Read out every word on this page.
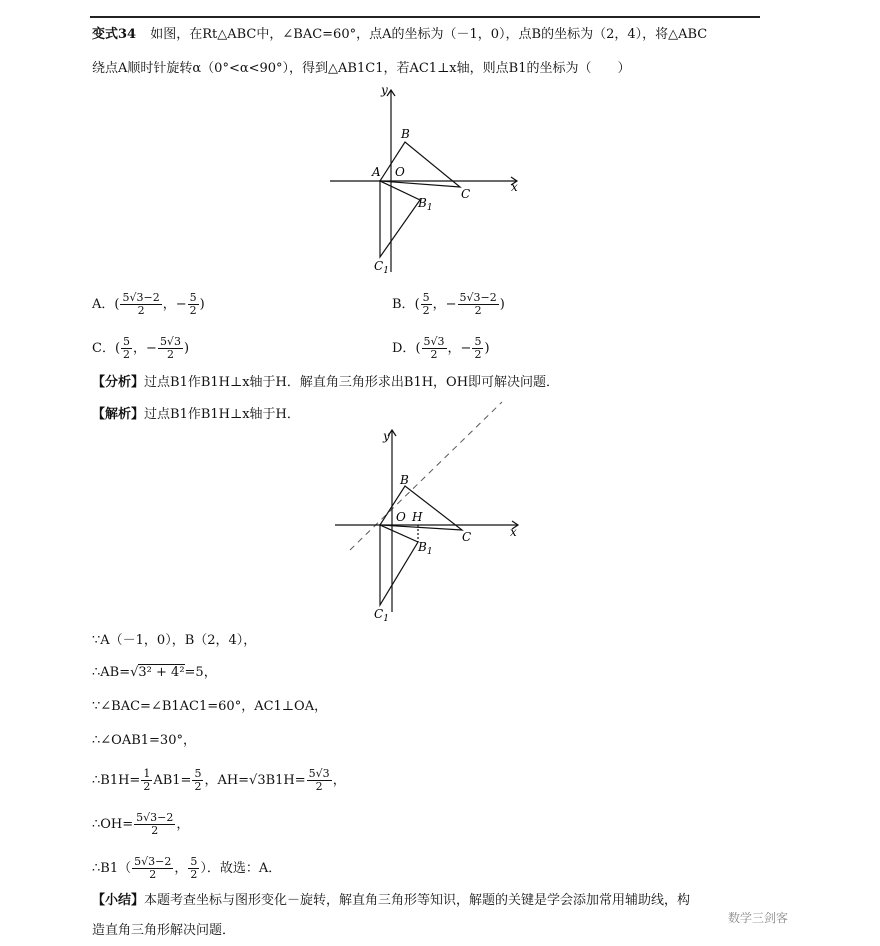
变式34 如图，在Rt△ABC中，∠BAC=60°，点A的坐标为（－1，0），点B的坐标为（2，4），将△ABC
绕点A顺时针旋转α（0°<α<90°），得到△AB1C1，若AC1⊥x轴，则点B1的坐标为（　　）
y
x
A O
B
C
$B_1$
$C_1$
A．( $\frac{5√3-2}{2}$ ，− $\frac{5}{2}$ )	B．( $\frac{5}{2}$ ，− $\frac{5√3-2}{2}$ )
C．( $\frac{5}{2}$ ，− $\frac{5√3}{2}$ )	D．( $\frac{5√3}{2}$ ，− $\frac{5}{2}$ )
【分析】过点B1作B1H⊥x轴于H．解直角三角形求出B1H，OH即可解决问题．
【解析】过点B1作B1H⊥x轴于H．
y
x
B
O H
C
$B_1$
$C_1$
∵A（－1，0），B（2，4），
∴AB=√3² + 4²=5，
∵∠BAC=∠B1AC1=60°，AC1⊥OA，
∴∠OAB1=30°，
∴B1H= $\frac{1}{2} AB1= \frac{5}{2}$ ，$AH=√3B1H= \frac{5√3}{2}$ ，
∴OH= $\frac{5√3-2}{2}$ ，
∴B1（ $\frac{5√3-2}{2}$ ， $\frac{5}{2}$ ）．故选：A．
【小结】本题考查坐标与图形变化－旋转，解直角三角形等知识，解题的关键是学会添加常用辅助线，构
造直角三角形解决问题．
数学三剑客
